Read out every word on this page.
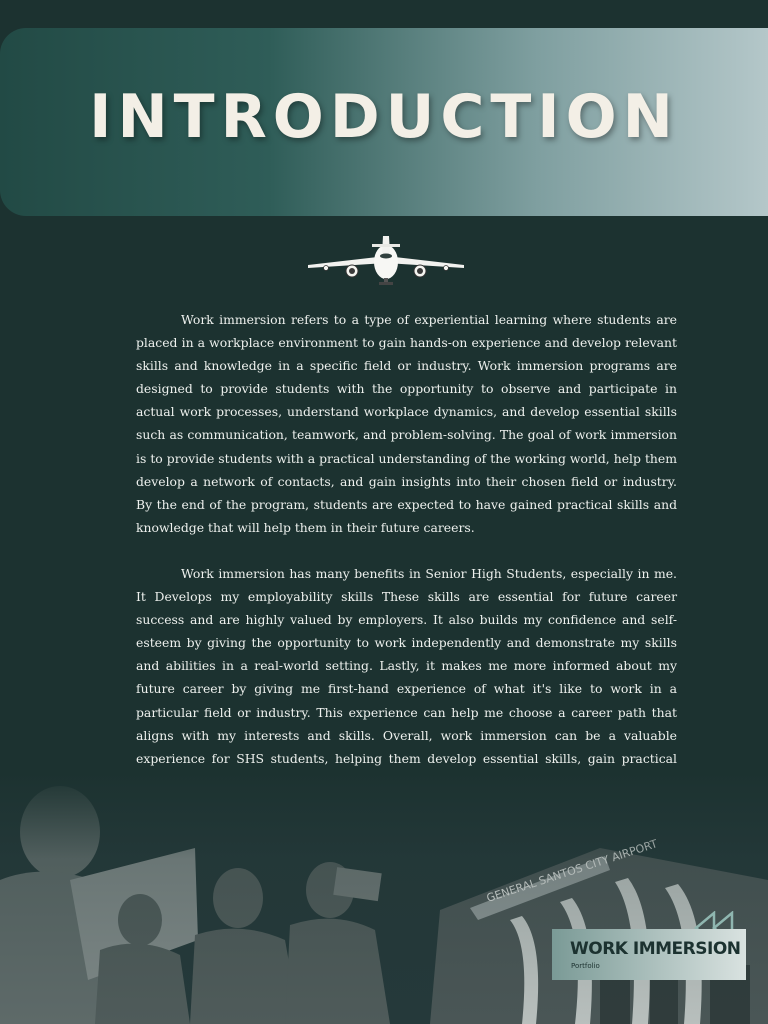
INTRODUCTION

Work immersion refers to a type of experiential learning where students are placed in a workplace environment to gain hands-on experience and develop relevant skills and knowledge in a specific field or industry. Work immersion programs are designed to provide students with the opportunity to observe and participate in actual work processes, understand workplace dynamics, and develop essential skills such as communication, teamwork, and problem-solving. The goal of work immersion is to provide students with a practical understanding of the working world, help them develop a network of contacts, and gain insights into their chosen field or industry. By the end of the program, students are expected to have gained practical skills and knowledge that will help them in their future careers.

Work immersion has many benefits in Senior High Students, especially in me. It Develops my employability skills These skills are essential for future career success and are highly valued by employers. It also builds my confidence and self-esteem by giving the opportunity to work independently and demonstrate my skills and abilities in a real-world setting. Lastly, it makes me more informed about my future career by giving me first-hand experience of what it's like to work in a particular field or industry. This experience can help me choose a career path that aligns with my interests and skills. Overall, work immersion can be a valuable experience for SHS students, helping them develop essential skills, gain practical

WORK IMMERSION
Portfolio
